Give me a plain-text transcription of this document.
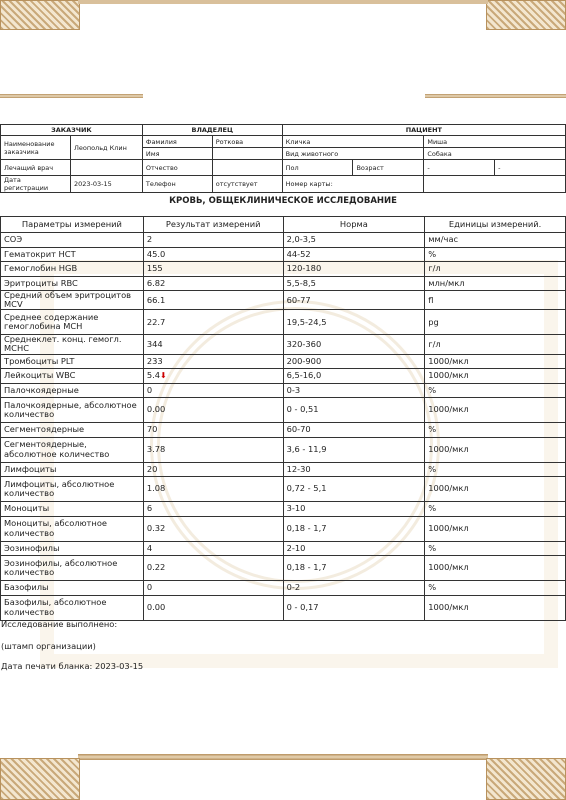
ЗАКАЗЧИК		ВЛАДЕЛЕЦ		ПАЦИЕНТ			
Наименование заказчика	Леопольд Клин	Фамилия	Роткова	Кличка		Миша	
		Имя		Вид животного		Собака	
Лечащий врач		Отчество		Пол	Возраст	-	-
Дата регистрации	2023-03-15	Телефон	отсутствует	Номер карты:			
КРОВЬ, ОБЩЕКЛИНИЧЕСКОЕ ИССЛЕДОВАНИЕ
Параметры измерений	Результат измерений	Норма	Единицы измерений.
СОЭ	2	2,0-3,5	мм/час
Гематокрит HCT	45.0	44-52	%
Гемоглобин HGB	155	120-180	г/л
Эритроциты RBC	6.82	5,5-8,5	млн/мкл
Средний объем эритроцитов MCV	66.1	60-77	fl
Среднее содержание гемоглобина MCH	22.7	19,5-24,5	pg
Среднеклет. конц. гемогл. MCHC	344	320-360	г/л
Тромбоциты PLT	233	200-900	1000/мкл
Лейкоциты WBC	5.4⬇	6,5-16,0	1000/мкл
Палочкоядерные	0	0-3	%
Палочкоядерные, абсолютное количество	0.00	0 - 0,51	1000/мкл
Сегментоядерные	70	60-70	%
Сегментоядерные, абсолютное количество	3.78	3,6 - 11,9	1000/мкл
Лимфоциты	20	12-30	%
Лимфоциты, абсолютное количество	1.08	0,72 - 5,1	1000/мкл
Моноциты	6	3-10	%
Моноциты, абсолютное количество	0.32	0,18 - 1,7	1000/мкл
Эозинофилы	4	2-10	%
Эозинофилы, абсолютное количество	0.22	0,18 - 1,7	1000/мкл
Базофилы	0	0-2	%
Базофилы, абсолютное количество	0.00	0 - 0,17	1000/мкл
Исследование выполнено:
(штамп организации)
Дата печати бланка: 2023-03-15
